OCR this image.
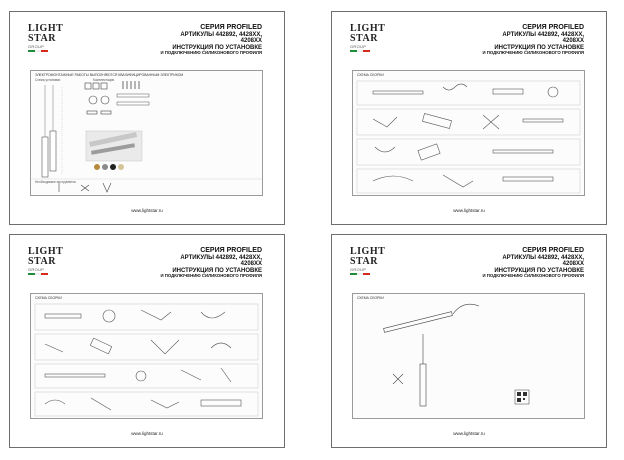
LIGHT
STAR
GROUP
СЕРИЯ PROFILED
АРТИКУЛЫ 442892, 4428XX,
4208XX
ИНСТРУКЦИЯ ПО УСТАНОВКЕ
И ПОДКЛЮЧЕНИЮ СИЛИКОНОВОГО ПРОФИЛЯ
ЭЛЕКТРОМОНТАЖНЫЕ РАБОТЫ ВЫПОЛНЯЮТСЯ КВАЛИФИЦИРОВАННЫМ ЭЛЕКТРИКОМ
Схема установки	Комплектация
Необходимые инструменты
www.lightstar.ru
LIGHT
STAR
GROUP
СЕРИЯ PROFILED
АРТИКУЛЫ 442892, 4428XX,
4208XX
ИНСТРУКЦИЯ ПО УСТАНОВКЕ
И ПОДКЛЮЧЕНИЮ СИЛИКОНОВОГО ПРОФИЛЯ
СХЕМА СБОРКИ
www.lightstar.ru
LIGHT
STAR
GROUP
СЕРИЯ PROFILED
АРТИКУЛЫ 442892, 4428XX,
4208XX
ИНСТРУКЦИЯ ПО УСТАНОВКЕ
И ПОДКЛЮЧЕНИЮ СИЛИКОНОВОГО ПРОФИЛЯ
СХЕМА СБОРКИ
www.lightstar.ru
LIGHT
STAR
GROUP
СЕРИЯ PROFILED
АРТИКУЛЫ 442892, 4428XX,
4208XX
ИНСТРУКЦИЯ ПО УСТАНОВКЕ
И ПОДКЛЮЧЕНИЮ СИЛИКОНОВОГО ПРОФИЛЯ
СХЕМА СБОРКИ
www.lightstar.ru
